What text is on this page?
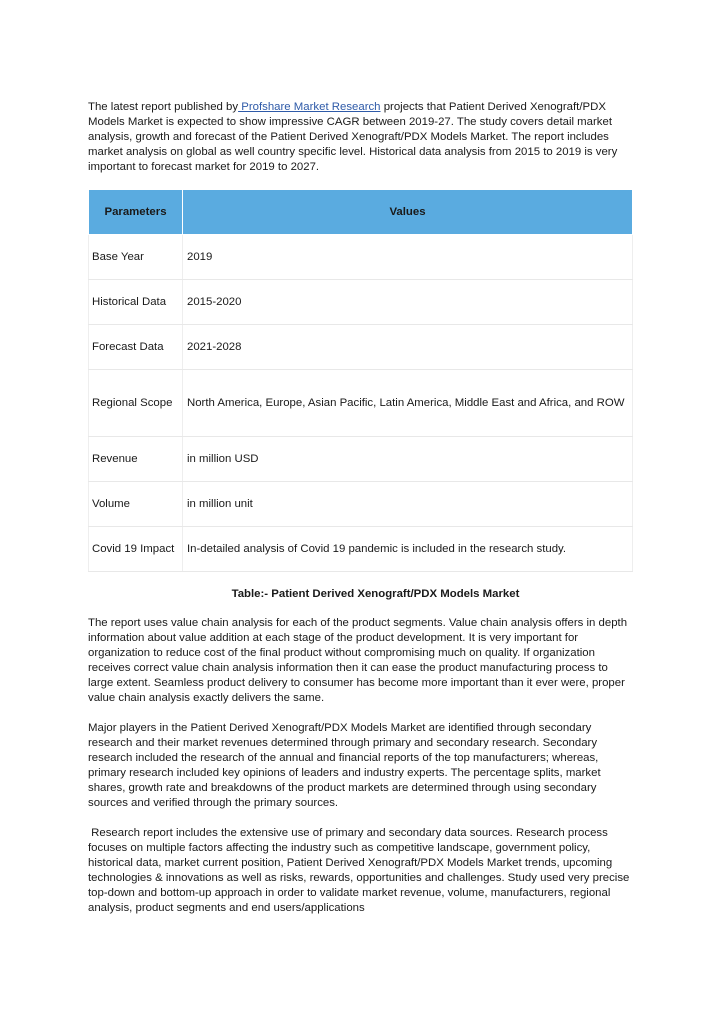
The latest report published by Profshare Market Research projects that Patient Derived Xenograft/PDX Models Market is expected to show impressive CAGR between 2019-27. The study covers detail market analysis, growth and forecast of the Patient Derived Xenograft/PDX Models Market. The report includes market analysis on global as well country specific level. Historical data analysis from 2015 to 2019 is very important to forecast market for 2019 to 2027.

Parameters	Values
Base Year	2019
Historical Data	2015-2020
Forecast Data	2021-2028
Regional Scope	North America, Europe, Asian Pacific, Latin America, Middle East and Africa, and ROW
Revenue	in million USD
Volume	in million unit
Covid 19 Impact	In-detailed analysis of Covid 19 pandemic is included in the research study.

Table:- Patient Derived Xenograft/PDX Models Market

The report uses value chain analysis for each of the product segments. Value chain analysis offers in depth information about value addition at each stage of the product development. It is very important for organization to reduce cost of the final product without compromising much on quality. If organization receives correct value chain analysis information then it can ease the product manufacturing process to large extent. Seamless product delivery to consumer has become more important than it ever were, proper value chain analysis exactly delivers the same.

Major players in the Patient Derived Xenograft/PDX Models Market are identified through secondary research and their market revenues determined through primary and secondary research. Secondary research included the research of the annual and financial reports of the top manufacturers; whereas, primary research included key opinions of leaders and industry experts. The percentage splits, market shares, growth rate and breakdowns of the product markets are determined through using secondary sources and verified through the primary sources.

Research report includes the extensive use of primary and secondary data sources. Research process focuses on multiple factors affecting the industry such as competitive landscape, government policy, historical data, market current position, Patient Derived Xenograft/PDX Models Market trends, upcoming technologies & innovations as well as risks, rewards, opportunities and challenges. Study used very precise top-down and bottom-up approach in order to validate market revenue, volume, manufacturers, regional analysis, product segments and end users/applications
